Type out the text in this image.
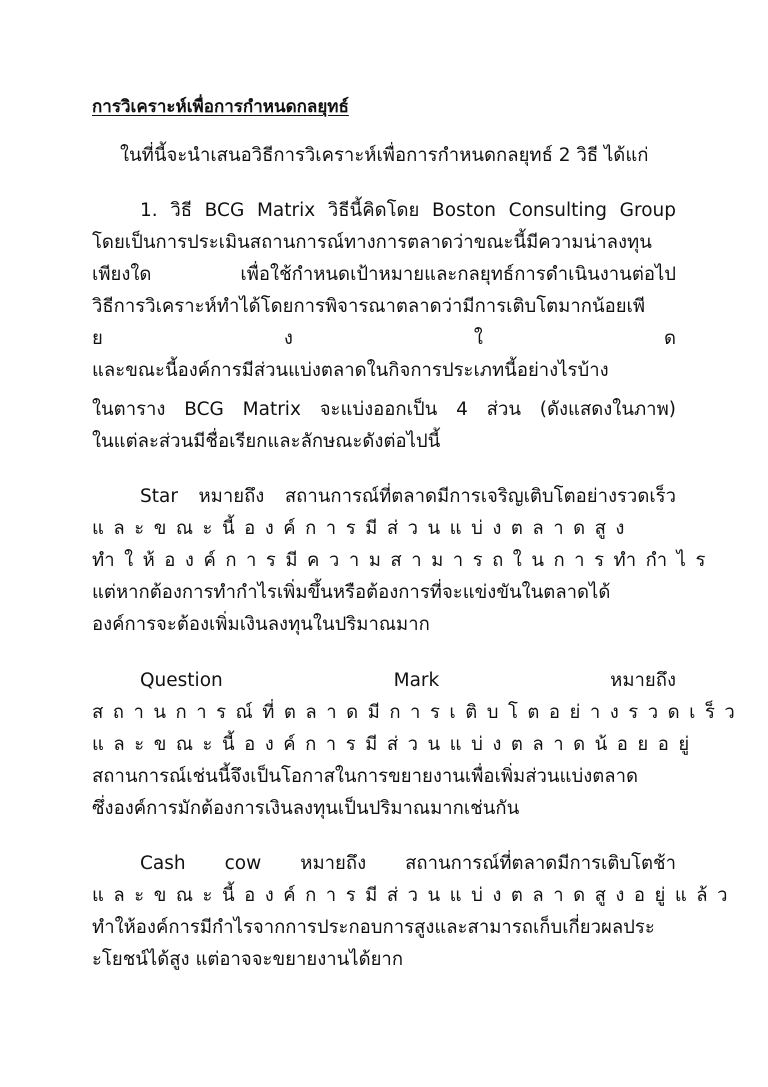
การวิเคราะห์เพื่อการกำหนดกลยุทธ์
ในที่นี้จะนำเสนอวิธีการวิเคราะห์เพื่อการกำหนดกลยุทธ์ 2 วิธี ได้แก่
1. วิธี BCG Matrix วิธีนี้คิดโดย Boston Consulting Group
โดยเป็นการประเมินสถานการณ์ทางการตลาดว่าขณะนี้มีความน่าลงทุน
เพียงใด เพื่อใช้กำหนดเป้าหมายและกลยุทธ์การดำเนินงานต่อไป
วิธีการวิเคราะห์ทำได้โดยการพิจารณาตลาดว่ามีการเติบโตมากน้อยเพี
ย ง ใ ด
และขณะนี้องค์การมีส่วนแบ่งตลาดในกิจการประเภทนี้อย่างไรบ้าง
ในตาราง BCG Matrix จะแบ่งออกเป็น 4 ส่วน (ดังแสดงในภาพ)
ในแต่ละส่วนมีชื่อเรียกและลักษณะดังต่อไปนี้
Star หมายถึง สถานการณ์ที่ตลาดมีการเจริญเติบโตอย่างรวดเร็ว
และขณะนี้องค์การมีส่วนแบ่งตลาดสูง
ทำให้องค์การมีความสามารถในการทำกำไร
แต่หากต้องการทำกำไรเพิ่มขึ้นหรือต้องการที่จะแข่งขันในตลาดได้
องค์การจะต้องเพิ่มเงินลงทุนในปริมาณมาก
Question Mark หมายถึง
สถานการณ์ที่ตลาดมีการเติบโตอย่างรวดเร็ว
และขณะนี้องค์การมีส่วนแบ่งตลาดน้อยอยู่
สถานการณ์เช่นนี้จึงเป็นโอกาสในการขยายงานเพื่อเพิ่มส่วนแบ่งตลาด
ซึ่งองค์การมักต้องการเงินลงทุนเป็นปริมาณมากเช่นกัน
Cash cow หมายถึง สถานการณ์ที่ตลาดมีการเติบโตช้า
และขณะนี้องค์การมีส่วนแบ่งตลาดสูงอยู่แล้ว
ทำให้องค์การมีกำไรจากการประกอบการสูงและสามารถเก็บเกี่ยวผลประ
ะโยชน์ได้สูง แต่อาจจะขยายงานได้ยาก
